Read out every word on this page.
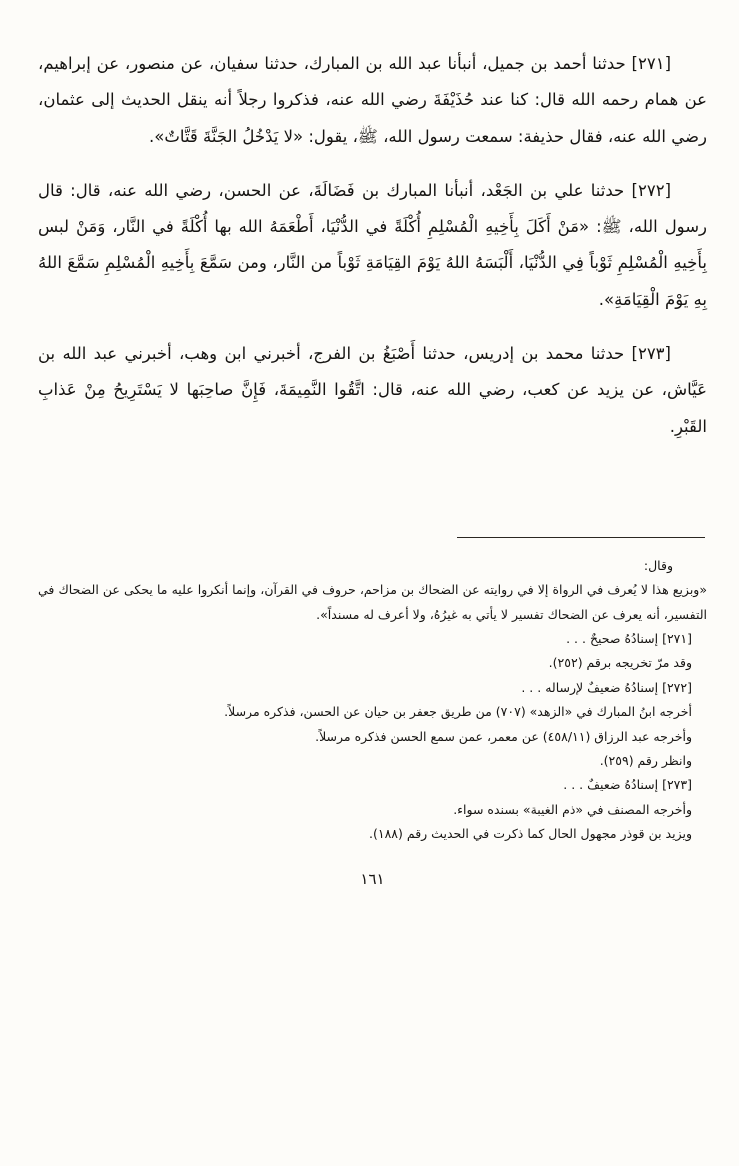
[٢٧١] حدثنا أحمد بن جميل، أنبأنا عبد الله بن المبارك، حدثنا سفيان، عن منصور، عن إبراهيم، عن همام رحمه الله قال: كنا عند حُذَيْفَةَ رضي الله عنه، فذكروا رجلاً أنه ينقل الحديث إلى عثمان، رضي الله عنه، فقال حذيفة: سمعت رسول الله، ﷺ، يقول: «لا يَدْخُلُ الجَنَّةَ قَتَّاتٌ».

[٢٧٢] حدثنا علي بن الجَعْد، أنبأنا المبارك بن فَضَالَةَ، عن الحسن، رضي الله عنه، قال: قال رسول الله، ﷺ: «مَنْ أَكَلَ بِأَخِيهِ الْمُسْلِمِ أُكْلَةً في الدُّنْيَا، أَطْعَمَهُ الله بها أُكْلَةً في النَّار، وَمَنْ لبس بِأَخِيهِ الْمُسْلِمِ ثَوْباً فِي الدُّنْيَا، أَلْبَسَهُ اللهُ يَوْمَ القِيَامَةِ ثَوْباً من النَّار، ومن سَمَّعَ بِأَخِيهِ الْمُسْلِمِ سَمَّعَ اللهُ بِهِ يَوْمَ الْقِيَامَةِ».

[٢٧٣] حدثنا محمد بن إدريس، حدثنا أَصْبَغُ بن الفرج، أخبرني ابن وهب، أخبرني عبد الله بن عَيَّاش، عن يزيد عن كعب، رضي الله عنه، قال: اتَّقُوا النَّمِيمَةَ، فَإِنَّ صاحِبَها لا يَسْتَرِيحُ مِنْ عَذابِ القَبْرِ.

وقال:
«وبزيع هذا لا يُعرف في الرواة إلا في روايته عن الضحاك بن مزاحم، حروف في القرآن، وإنما أنكروا عليه ما يحكى عن الضحاك في التفسير، أنه يعرف عن الضحاك تفسير لا يأتي به غيرُهُ، ولا أعرف له مسنداً».
[٢٧١] إسنادُهُ صحيحٌ . . .
وقد مرّ تخريجه برقم (٢٥٢).
[٢٧٢] إسنادُهُ ضعيفٌ لإرساله . . .
أخرجه ابنُ المبارك في «الزهد» (٧٠٧) من طريق جعفر بن حيان عن الحسن، فذكره مرسلاً.
وأخرجه عبد الرزاق (٤٥٨/١١) عن معمر، عمن سمع الحسن فذكره مرسلاً.
وانظر رقم (٢٥٩).
[٢٧٣] إسنادُهُ ضعيفٌ . . .
وأخرجه المصنف في «ذم الغيبة» بسنده سواء.
ويزيد بن قوذر مجهول الحال كما ذكرت في الحديث رقم (١٨٨).
١٦١
